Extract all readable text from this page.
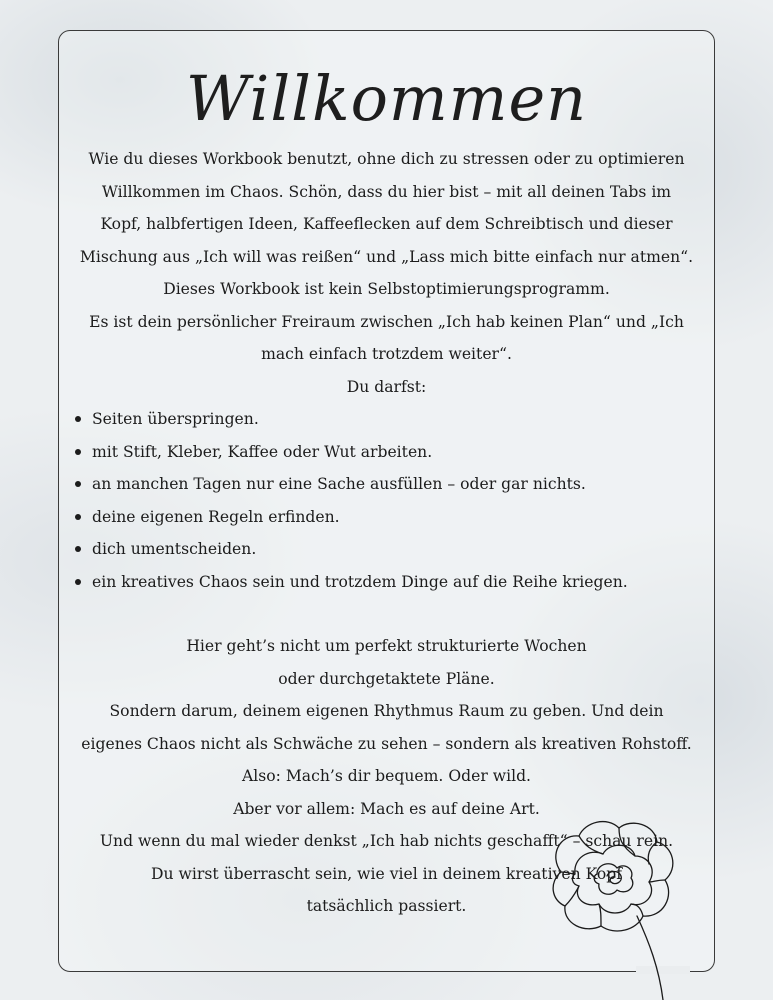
Willkommen

Wie du dieses Workbook benutzt, ohne dich zu stressen oder zu optimieren

Willkommen im Chaos. Schön, dass du hier bist – mit all deinen Tabs im

Kopf, halbfertigen Ideen, Kaffeeflecken auf dem Schreibtisch und dieser

Mischung aus „Ich will was reißen“ und „Lass mich bitte einfach nur atmen“.

Dieses Workbook ist kein Selbstoptimierungsprogramm.

Es ist dein persönlicher Freiraum zwischen „Ich hab keinen Plan“ und „Ich mach einfach trotzdem weiter“.

Du darfst:

Seiten überspringen.
mit Stift, Kleber, Kaffee oder Wut arbeiten.
an manchen Tagen nur eine Sache ausfüllen – oder gar nichts.
deine eigenen Regeln erfinden.
dich umentscheiden.
ein kreatives Chaos sein und trotzdem Dinge auf die Reihe kriegen.

Hier geht’s nicht um perfekt strukturierte Wochen

oder durchgetaktete Pläne.

Sondern darum, deinem eigenen Rhythmus Raum zu geben. Und dein

eigenes Chaos nicht als Schwäche zu sehen – sondern als kreativen Rohstoff.

Also: Mach’s dir bequem. Oder wild.

Aber vor allem: Mach es auf deine Art.

Und wenn du mal wieder denkst „Ich hab nichts geschafft“ – schau rein.

Du wirst überrascht sein, wie viel in deinem kreativen Kopf tatsächlich passiert.
